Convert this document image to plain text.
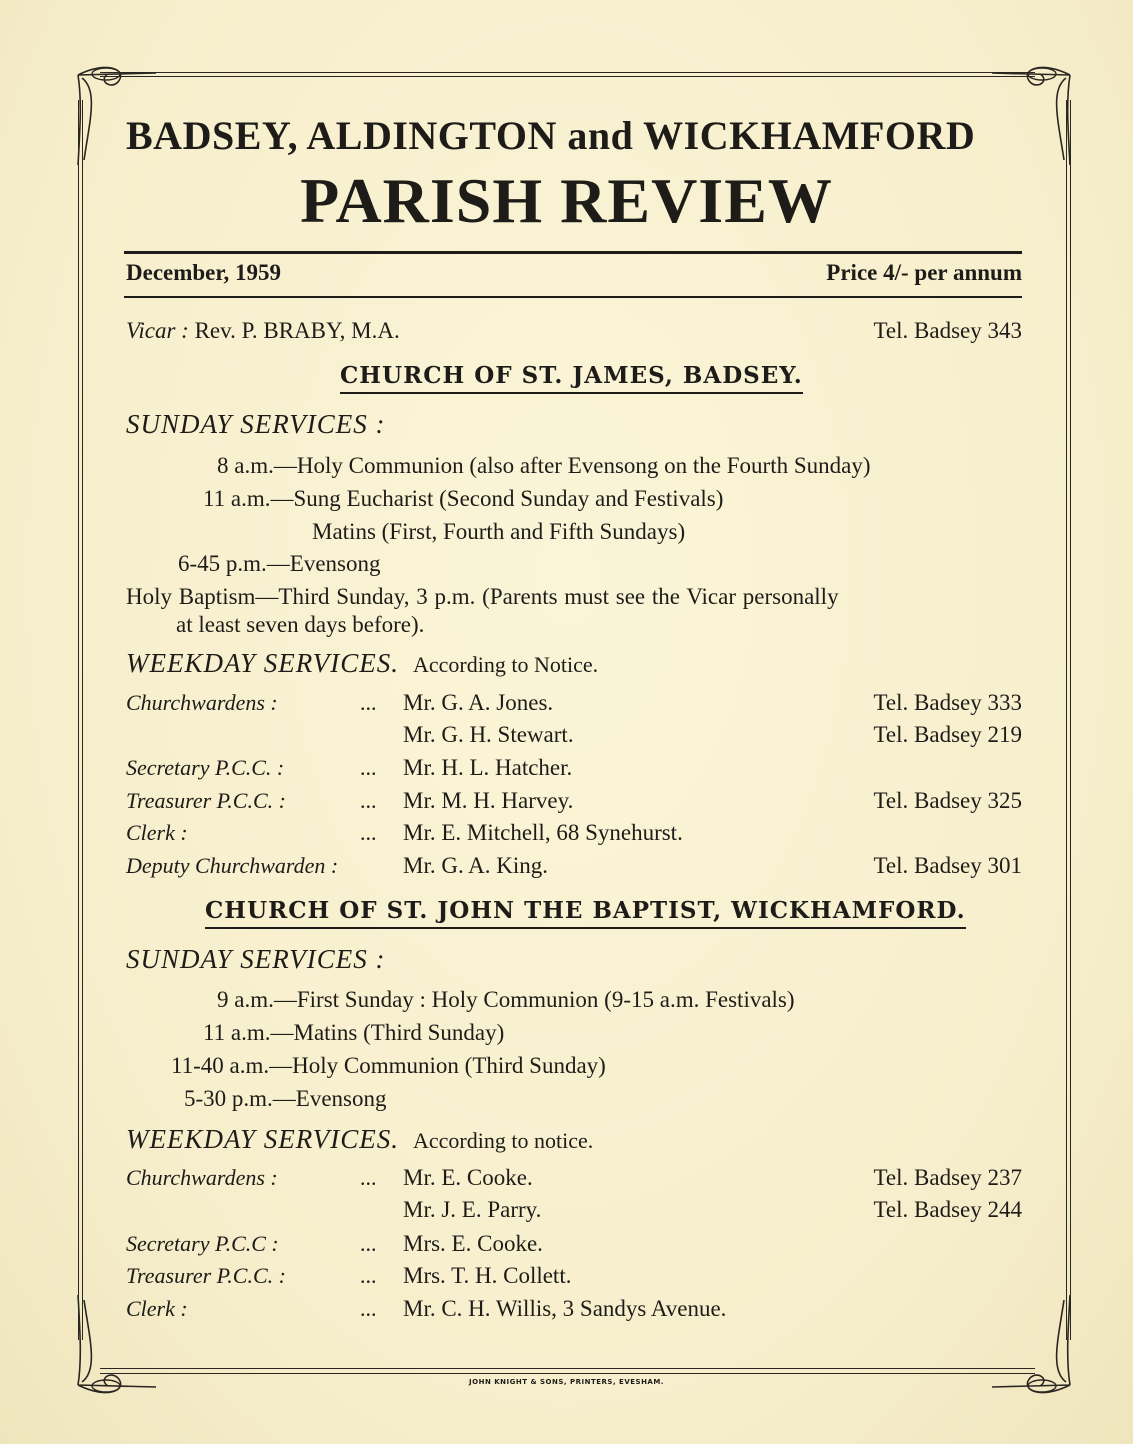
BADSEY, ALDINGTON and WICKHAMFORD
PARISH REVIEW
December, 1959	Price 4/- per annum
Vicar : Rev. P. BRABY, M.A.	Tel. Badsey 343
CHURCH OF ST. JAMES, BADSEY.
SUNDAY SERVICES :
8 a.m.—Holy Communion (also after Evensong on the Fourth Sunday)
11 a.m.—Sung Eucharist (Second Sunday and Festivals)
Matins (First, Fourth and Fifth Sundays)
6-45 p.m.—Evensong
Holy Baptism—Third Sunday, 3 p.m. (Parents must see the Vicar personally
at least seven days before).
WEEKDAY SERVICES. According to Notice.
Churchwardens :	... Mr. G. A. Jones.	Tel. Badsey 333
Mr. G. H. Stewart.	Tel. Badsey 219
Secretary P.C.C. :	... Mr. H. L. Hatcher.
Treasurer P.C.C. :	... Mr. M. H. Harvey.	Tel. Badsey 325
Clerk :	... Mr. E. Mitchell, 68 Synehurst.
Deputy Churchwarden :	Mr. G. A. King.	Tel. Badsey 301
CHURCH OF ST. JOHN THE BAPTIST, WICKHAMFORD.
SUNDAY SERVICES :
9 a.m.—First Sunday : Holy Communion (9-15 a.m. Festivals)
11 a.m.—Matins (Third Sunday)
11-40 a.m.—Holy Communion (Third Sunday)
5-30 p.m.—Evensong
WEEKDAY SERVICES. According to notice.
Churchwardens :	... Mr. E. Cooke.	Tel. Badsey 237
Mr. J. E. Parry.	Tel. Badsey 244
Secretary P.C.C :	... Mrs. E. Cooke.
Treasurer P.C.C. :	... Mrs. T. H. Collett.
Clerk :	... Mr. C. H. Willis, 3 Sandys Avenue.
JOHN KNIGHT & SONS, PRINTERS, EVESHAM.
